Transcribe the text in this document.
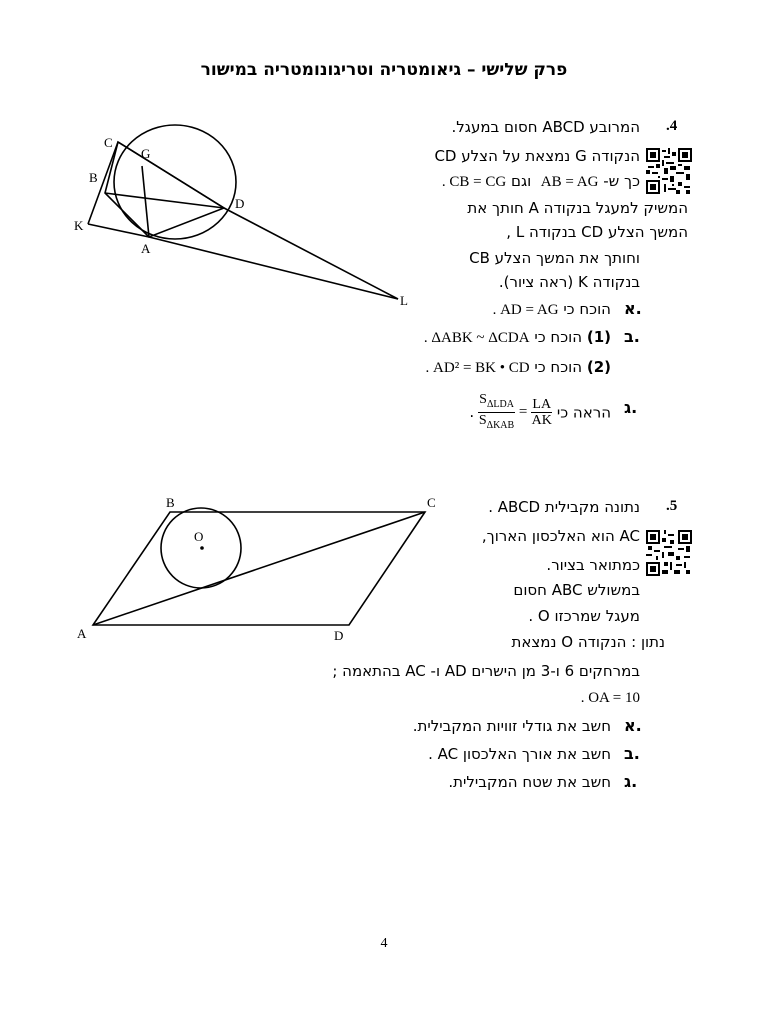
פרק שלישי – גיאומטריה וטריגונומטריה במישור
.4
המרובע ABCD חסום במעגל.
הנקודה G נמצאת על הצלע CD
כך ש- AB = AG  וגם . CB = CG
המשיק למעגל בנקודה A חותך את
המשך הצלע CD בנקודה L ,
וחותך את המשך הצלע CB
בנקודה K (ראה ציור).
א.
הוכח כי . AD = AG
ב.
(1) הוכח כי . ΔABK ~ ΔCDA
(2) הוכח כי . AD² = BK • CD
ג.
הראה כי
. $\frac{S_{\Delta LDA}}{S_{\Delta KAB}} = \frac{LA}{AK}$
C
G
B
D
K
A
L
.5
נתונה מקבילית ABCD .
AC הוא האלכסון הארוך,
כמתואר בציור.
במשולש ABC חסום
מעגל שמרכזו O .
נתון : הנקודה O נמצאת
במרחקים 6 ו-3 מן הישרים AD ו- AC בהתאמה ;
. OA = 10
א.
חשב את גודלי זוויות המקבילית.
ב.
חשב את אורך האלכסון AC .
ג.
חשב את שטח המקבילית.
B	C
O
A	D
4
